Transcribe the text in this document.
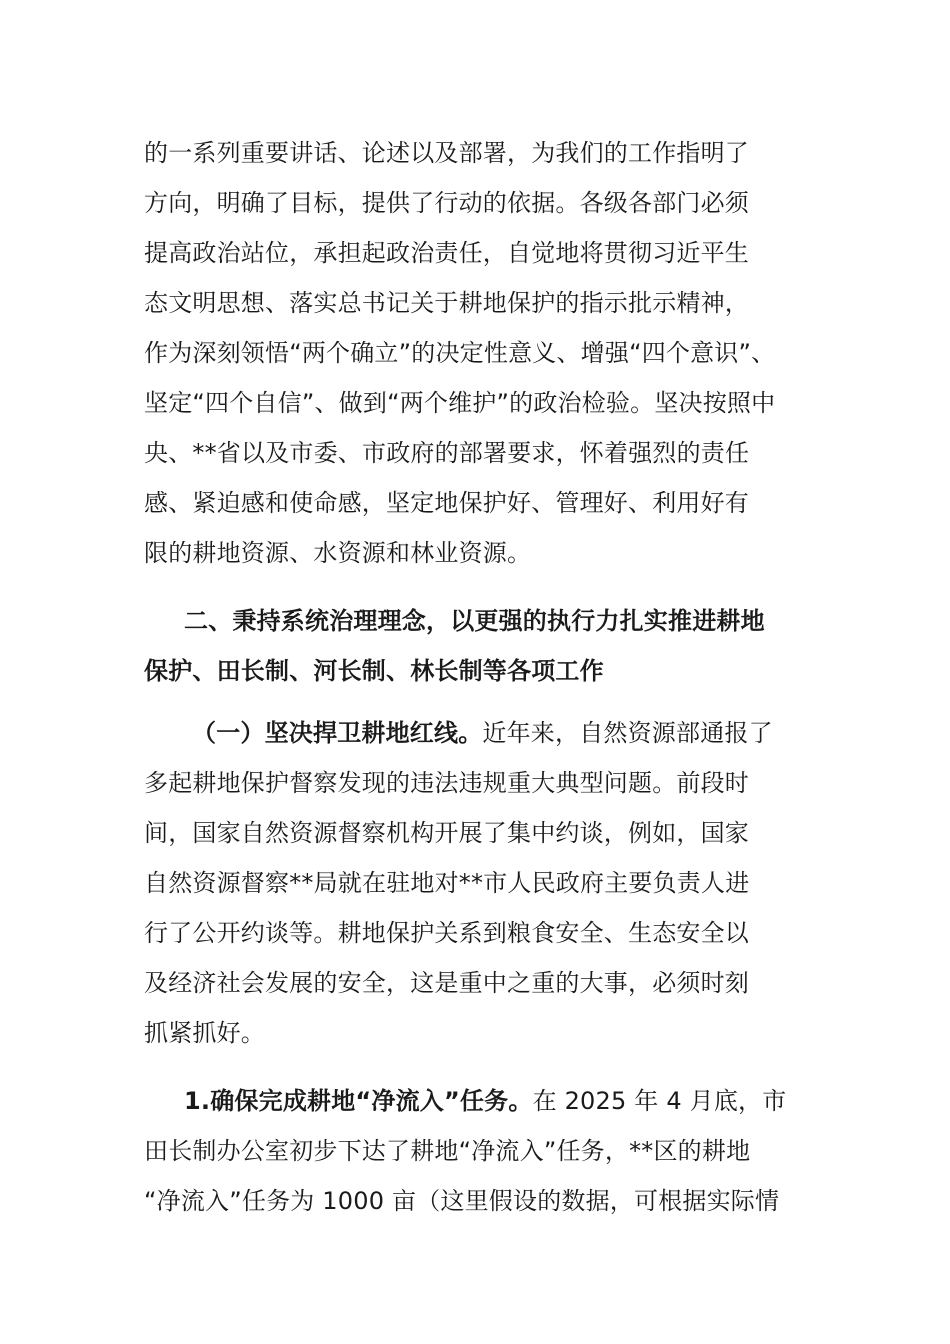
的一系列重要讲话、论述以及部署，为我们的工作指明了
方向，明确了目标，提供了行动的依据。各级各部门必须
提高政治站位，承担起政治责任，自觉地将贯彻习近平生
态文明思想、落实总书记关于耕地保护的指示批示精神，
作为深刻领悟“两个确立”的决定性意义、增强“四个意识”、
坚定“四个自信”、做到“两个维护”的政治检验。坚决按照中
央、**省以及市委、市政府的部署要求，怀着强烈的责任
感、紧迫感和使命感，坚定地保护好、管理好、利用好有
限的耕地资源、水资源和林业资源。
二、秉持系统治理理念，以更强的执行力扎实推进耕地
保护、田长制、河长制、林长制等各项工作
（一）坚决捍卫耕地红线。近年来，自然资源部通报了
多起耕地保护督察发现的违法违规重大典型问题。前段时
间，国家自然资源督察机构开展了集中约谈，例如，国家
自然资源督察**局就在驻地对**市人民政府主要负责人进
行了公开约谈等。耕地保护关系到粮食安全、生态安全以
及经济社会发展的安全，这是重中之重的大事，必须时刻
抓紧抓好。
1.确保完成耕地“净流入”任务。在 2025 年 4 月底，市
田长制办公室初步下达了耕地“净流入”任务，**区的耕地
“净流入”任务为 1000 亩（这里假设的数据，可根据实际情
